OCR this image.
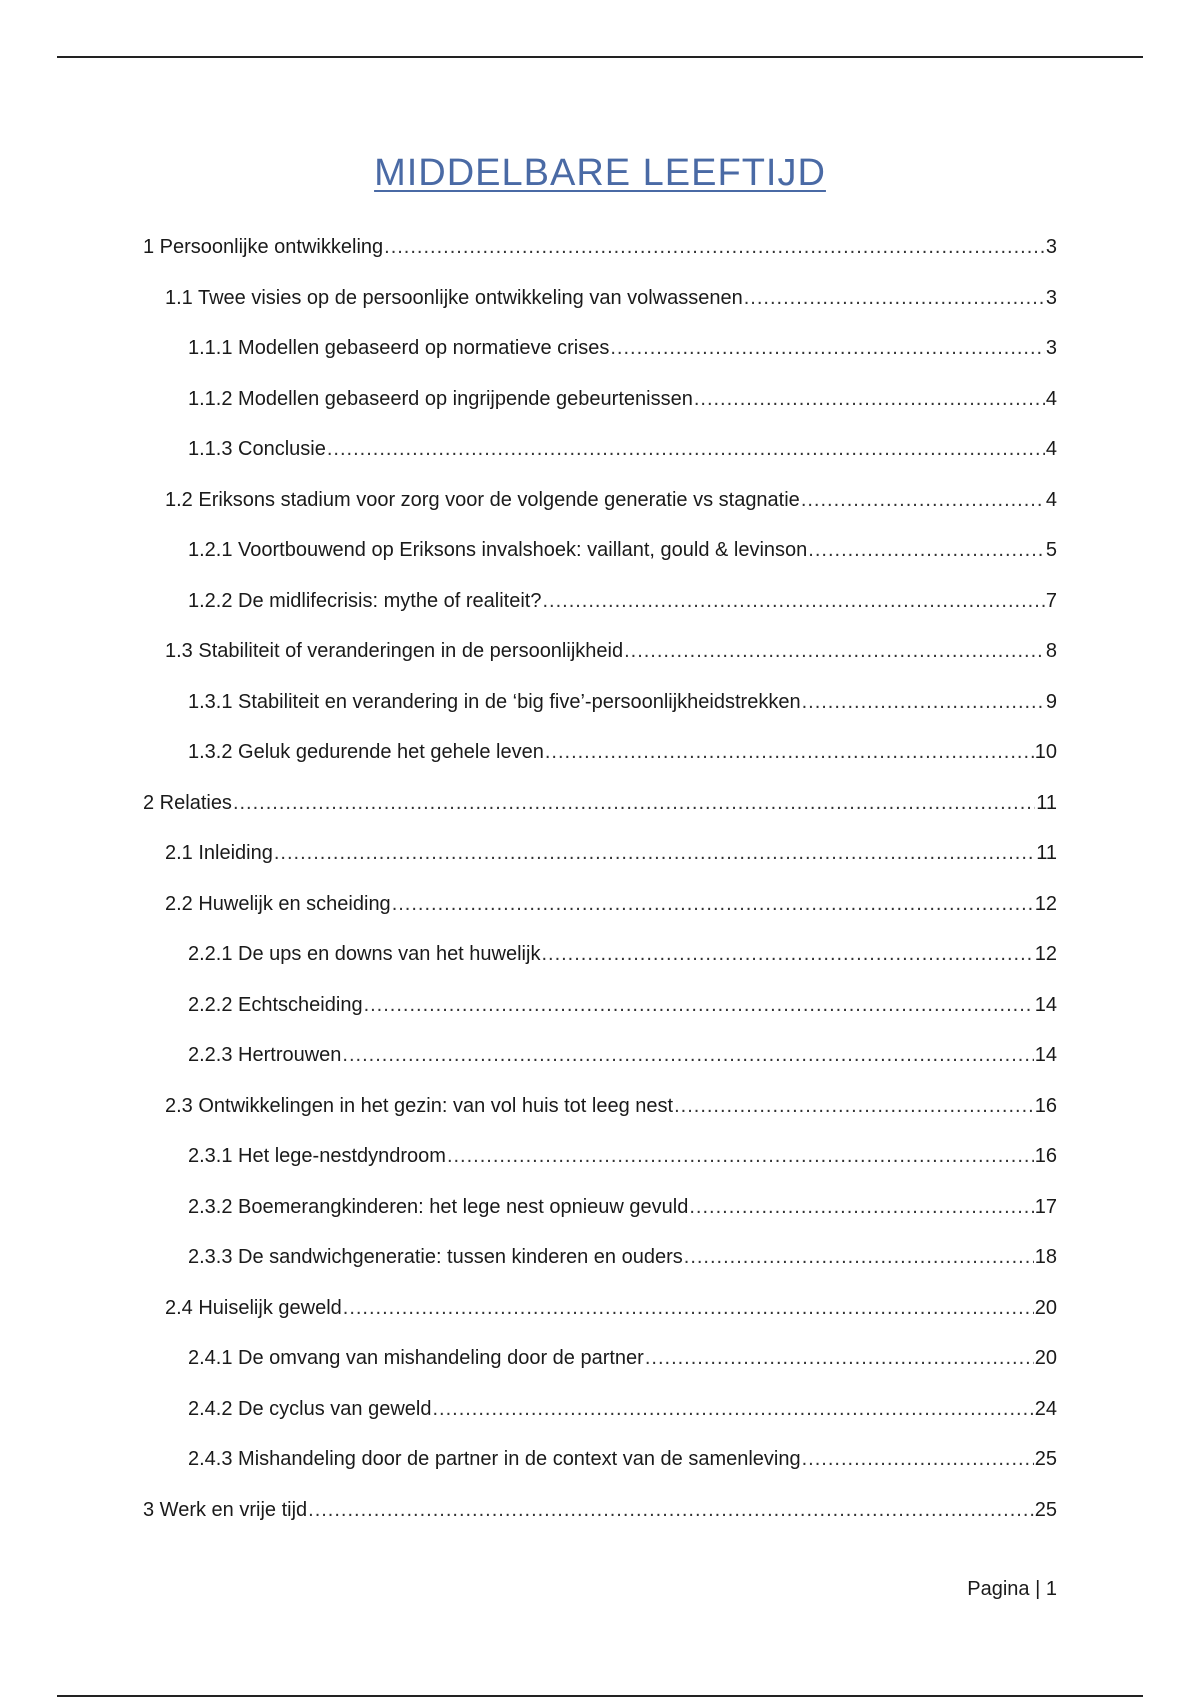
MIDDELBARE LEEFTIJD
1 Persoonlijke ontwikkeling .....	3
1.1 Twee visies op de persoonlijke ontwikkeling van volwassenen .....	3
1.1.1 Modellen gebaseerd op normatieve crises .....	3
1.1.2 Modellen gebaseerd op ingrijpende gebeurtenissen .....	4
1.1.3 Conclusie .....	4
1.2 Eriksons stadium voor zorg voor de volgende generatie vs stagnatie .....	4
1.2.1 Voortbouwend op Eriksons invalshoek: vaillant, gould & levinson .....	5
1.2.2 De midlifecrisis: mythe of realiteit? .....	7
1.3 Stabiliteit of veranderingen in de persoonlijkheid .....	8
1.3.1 Stabiliteit en verandering in de ‘big five’-persoonlijkheidstrekken .....	9
1.3.2 Geluk gedurende het gehele leven .....	10
2 Relaties .....	11
2.1 Inleiding .....	11
2.2 Huwelijk en scheiding .....	12
2.2.1 De ups en downs van het huwelijk .....	12
2.2.2 Echtscheiding .....	14
2.2.3 Hertrouwen .....	14
2.3 Ontwikkelingen in het gezin: van vol huis tot leeg nest .....	16
2.3.1 Het lege-nestdyndroom .....	16
2.3.2 Boemerangkinderen: het lege nest opnieuw gevuld .....	17
2.3.3 De sandwichgeneratie: tussen kinderen en ouders .....	18
2.4 Huiselijk geweld .....	20
2.4.1 De omvang van mishandeling door de partner .....	20
2.4.2 De cyclus van geweld .....	24
2.4.3 Mishandeling door de partner in de context van de samenleving .....	25
3 Werk en vrije tijd .....	25
Pagina | 1
